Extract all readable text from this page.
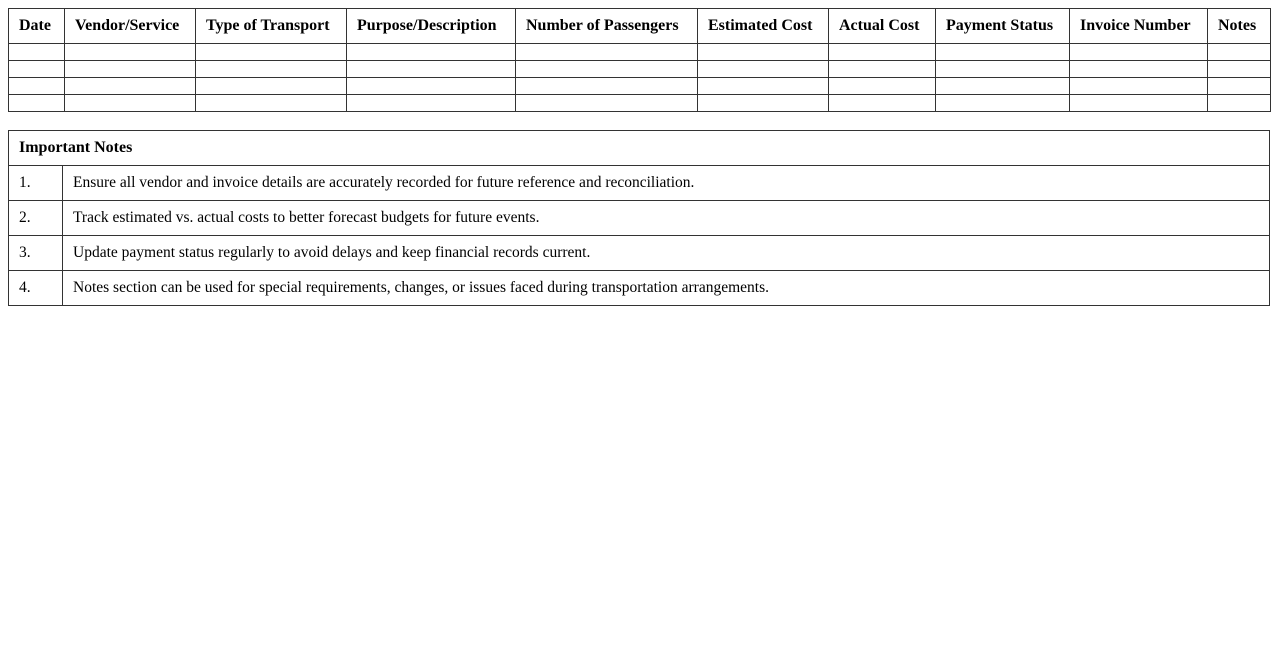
Date	Vendor/Service	Type of Transport	Purpose/Description	Number of Passengers	Estimated Cost	Actual Cost	Payment Status	Invoice Number	Notes

Important Notes	
1.	Ensure all vendor and invoice details are accurately recorded for future reference and reconciliation.
2.	Track estimated vs. actual costs to better forecast budgets for future events.
3.	Update payment status regularly to avoid delays and keep financial records current.
4.	Notes section can be used for special requirements, changes, or issues faced during transportation arrangements.
